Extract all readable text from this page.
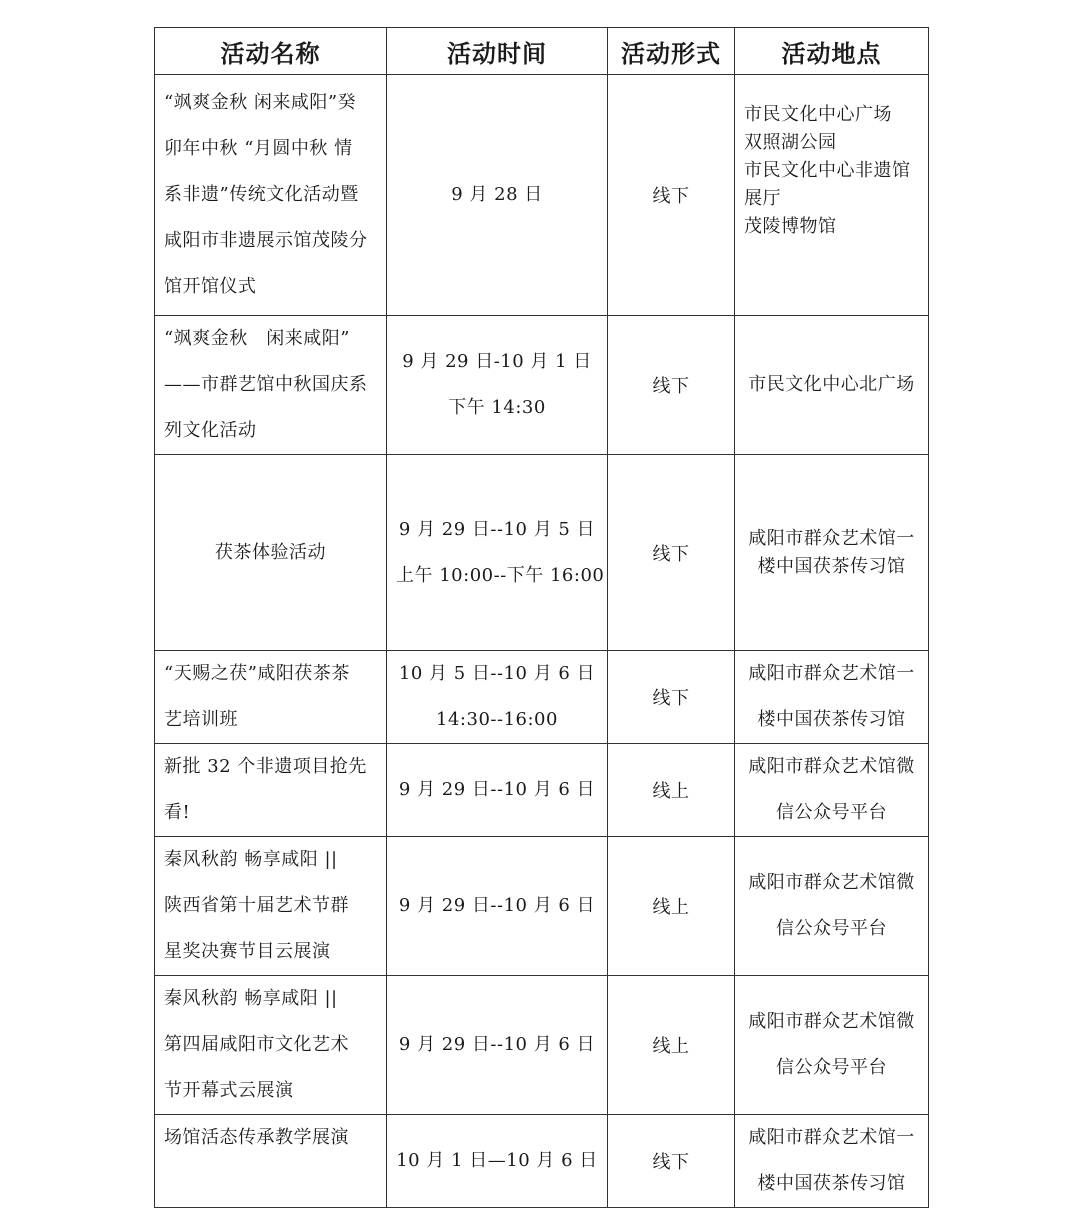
活动名称	活动时间	活动形式	活动地点

“飒爽金秋 闲来咸阳”癸
卯年中秋 “月圆中秋 情
系非遗”传统文化活动暨
咸阳市非遗展示馆茂陵分
馆开馆仪式	9 月 28 日	线下	市民文化中心广场
双照湖公园
市民文化中心非遗馆
展厅
茂陵博物馆

“飒爽金秋　闲来咸阳”
——市群艺馆中秋国庆系
列文化活动	9 月 29 日-10 月 1 日
下午 14:30	线下	市民文化中心北广场

茯茶体验活动	9 月 29 日--10 月 5 日
上午 10:00--下午 16:00	线下	咸阳市群众艺术馆一
楼中国茯茶传习馆

“天赐之茯”咸阳茯茶茶
艺培训班	10 月 5 日--10 月 6 日
14:30--16:00	线下	咸阳市群众艺术馆一
楼中国茯茶传习馆

新批 32 个非遗项目抢先
看!	9 月 29 日--10 月 6 日	线上	咸阳市群众艺术馆微
信公众号平台

秦风秋韵 畅享咸阳 ||
陕西省第十届艺术节群
星奖决赛节目云展演	9 月 29 日--10 月 6 日	线上	咸阳市群众艺术馆微
信公众号平台

秦风秋韵 畅享咸阳 ||
第四届咸阳市文化艺术
节开幕式云展演	9 月 29 日--10 月 6 日	线上	咸阳市群众艺术馆微
信公众号平台

场馆活态传承教学展演	10 月 1 日—10 月 6 日	线下	咸阳市群众艺术馆一
楼中国茯茶传习馆
